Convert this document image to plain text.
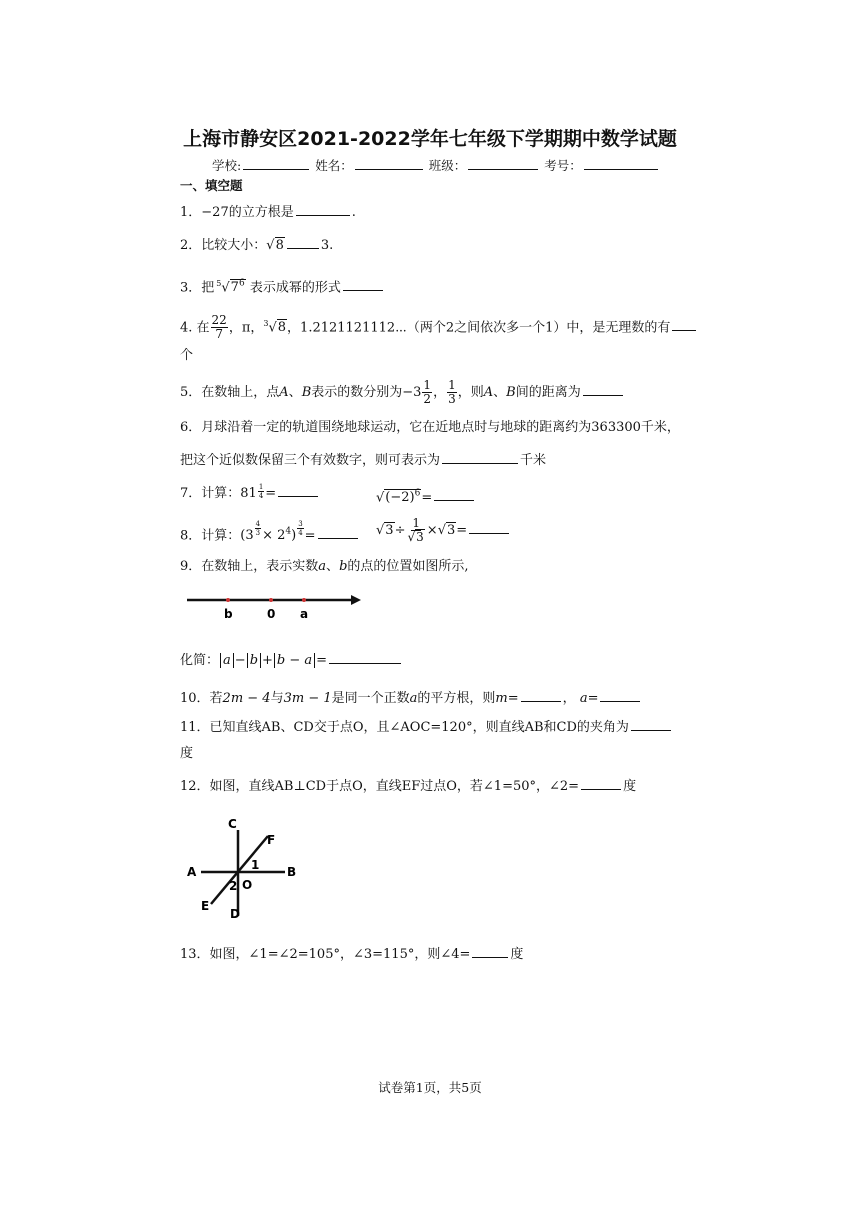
上海市静安区2021-2022学年七年级下学期期中数学试题
学校:	姓名：	班级：	考号：
一、填空题
1．−27的立方根是	.
2．比较大小：√8	3.
3．把 $^5√7^6$ 表示成幂的形式
4. 在 $\frac{22}{7}$ ，π，$^3$√8，1.2121121112⋯（两个2之间依次多一个1）中，是无理数的有
个
5．在数轴上，点A、B表示的数分别为$-3 \frac{1}{2}$ ， $\frac{1}{3}$ ，则A、B间的距离为
6．月球沿着一定的轨道围绕地球运动，它在近地点时与地球的距离约为363300千米，
把这个近似数保留三个有效数字，则可表示为	千米
7．计算：81 $^{\frac{1}{4}}$ =	$√(-2)^6=$
8．计算：(3 $^{\frac{4}{3}} \times 2^4$) $^{\frac{3}{4}}$ =	$√3\div \frac{1}{√3} \times√3=$
9．在数轴上，表示实数a、b的点的位置如图所示,
b	0 a
化简： a − b + b − a =
10．若2m − 4与3m − 1是同一个正数a的平方根，则m=	， a=
11．已知直线AB、CD交于点O，且∠AOC=120°，则直线AB和CD的夹角为
度
12．如图，直线AB⊥CD于点O，直线EF过点O，若∠1=50°，∠2=	度
C
F
1
A
O
B
2
E
D
13．如图，∠1=∠2=105°，∠3=115°，则∠4=	度
试卷第1页，共5页
